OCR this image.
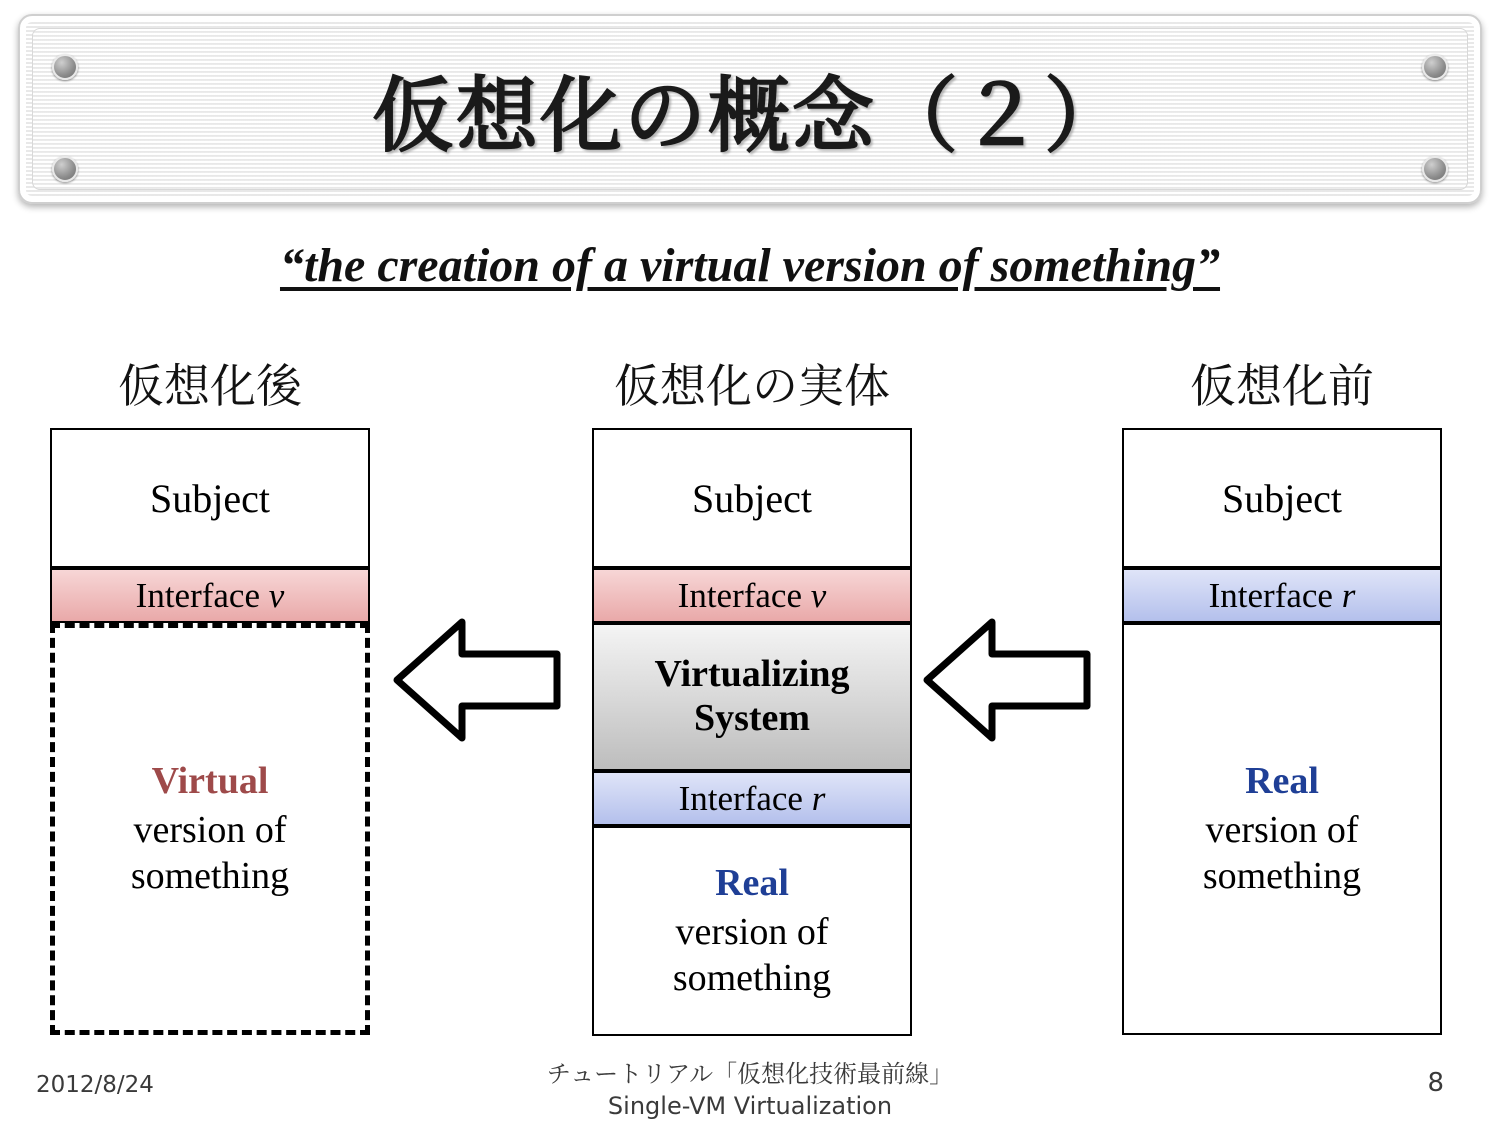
仮想化の概念（２）
“the creation of a virtual version of something”
仮想化後	仮想化の実体	仮想化前
Subject
Interface v
Virtual
version of
something
Subject
Interface v
Virtualizing
System
Interface r
Real
version of
something
Subject
Interface r
Real
version of
something
2012/8/24	チュートリアル「仮想化技術最前線」
Single-VM Virtualization
8
